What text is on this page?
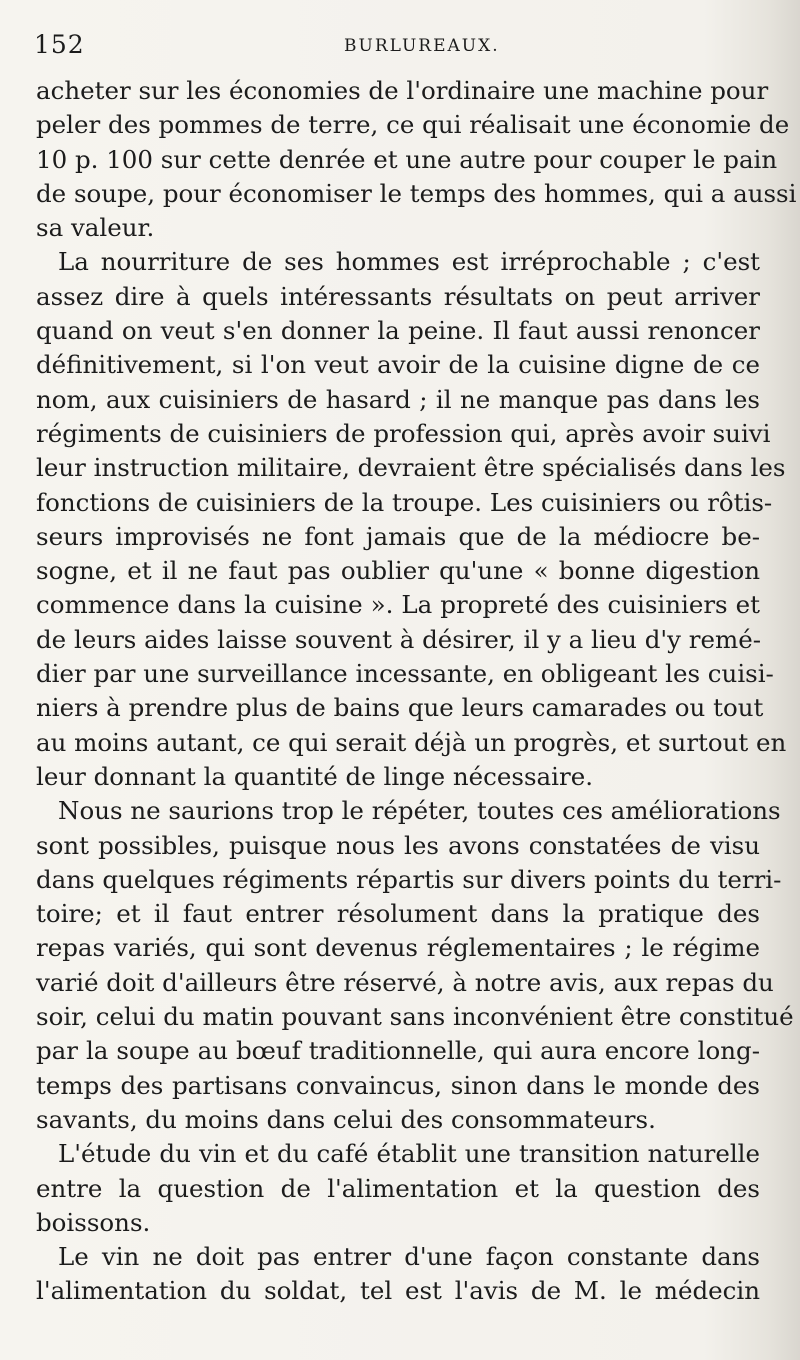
152	BURLUREAUX.
acheter sur les économies de l'ordinaire une machine pour
peler des pommes de terre, ce qui réalisait une économie de
10 p. 100 sur cette denrée et une autre pour couper le pain
de soupe, pour économiser le temps des hommes, qui a aussi
sa valeur.
La nourriture de ses hommes est irréprochable ; c'est
assez dire à quels intéressants résultats on peut arriver
quand on veut s'en donner la peine. Il faut aussi renoncer
définitivement, si l'on veut avoir de la cuisine digne de ce
nom, aux cuisiniers de hasard ; il ne manque pas dans les
régiments de cuisiniers de profession qui, après avoir suivi
leur instruction militaire, devraient être spécialisés dans les
fonctions de cuisiniers de la troupe. Les cuisiniers ou rôtis-
seurs improvisés ne font jamais que de la médiocre be-
sogne, et il ne faut pas oublier qu'une « bonne digestion
commence dans la cuisine ». La propreté des cuisiniers et
de leurs aides laisse souvent à désirer, il y a lieu d'y remé-
dier par une surveillance incessante, en obligeant les cuisi-
niers à prendre plus de bains que leurs camarades ou tout
au moins autant, ce qui serait déjà un progrès, et surtout en
leur donnant la quantité de linge nécessaire.
Nous ne saurions trop le répéter, toutes ces améliorations
sont possibles, puisque nous les avons constatées de visu
dans quelques régiments répartis sur divers points du terri-
toire; et il faut entrer résolument dans la pratique des
repas variés, qui sont devenus réglementaires ; le régime
varié doit d'ailleurs être réservé, à notre avis, aux repas du
soir, celui du matin pouvant sans inconvénient être constitué
par la soupe au bœuf traditionnelle, qui aura encore long-
temps des partisans convaincus, sinon dans le monde des
savants, du moins dans celui des consommateurs.
L'étude du vin et du café établit une transition naturelle
entre la question de l'alimentation et la question des
boissons.
Le vin ne doit pas entrer d'une façon constante dans
l'alimentation du soldat, tel est l'avis de M. le médecin
